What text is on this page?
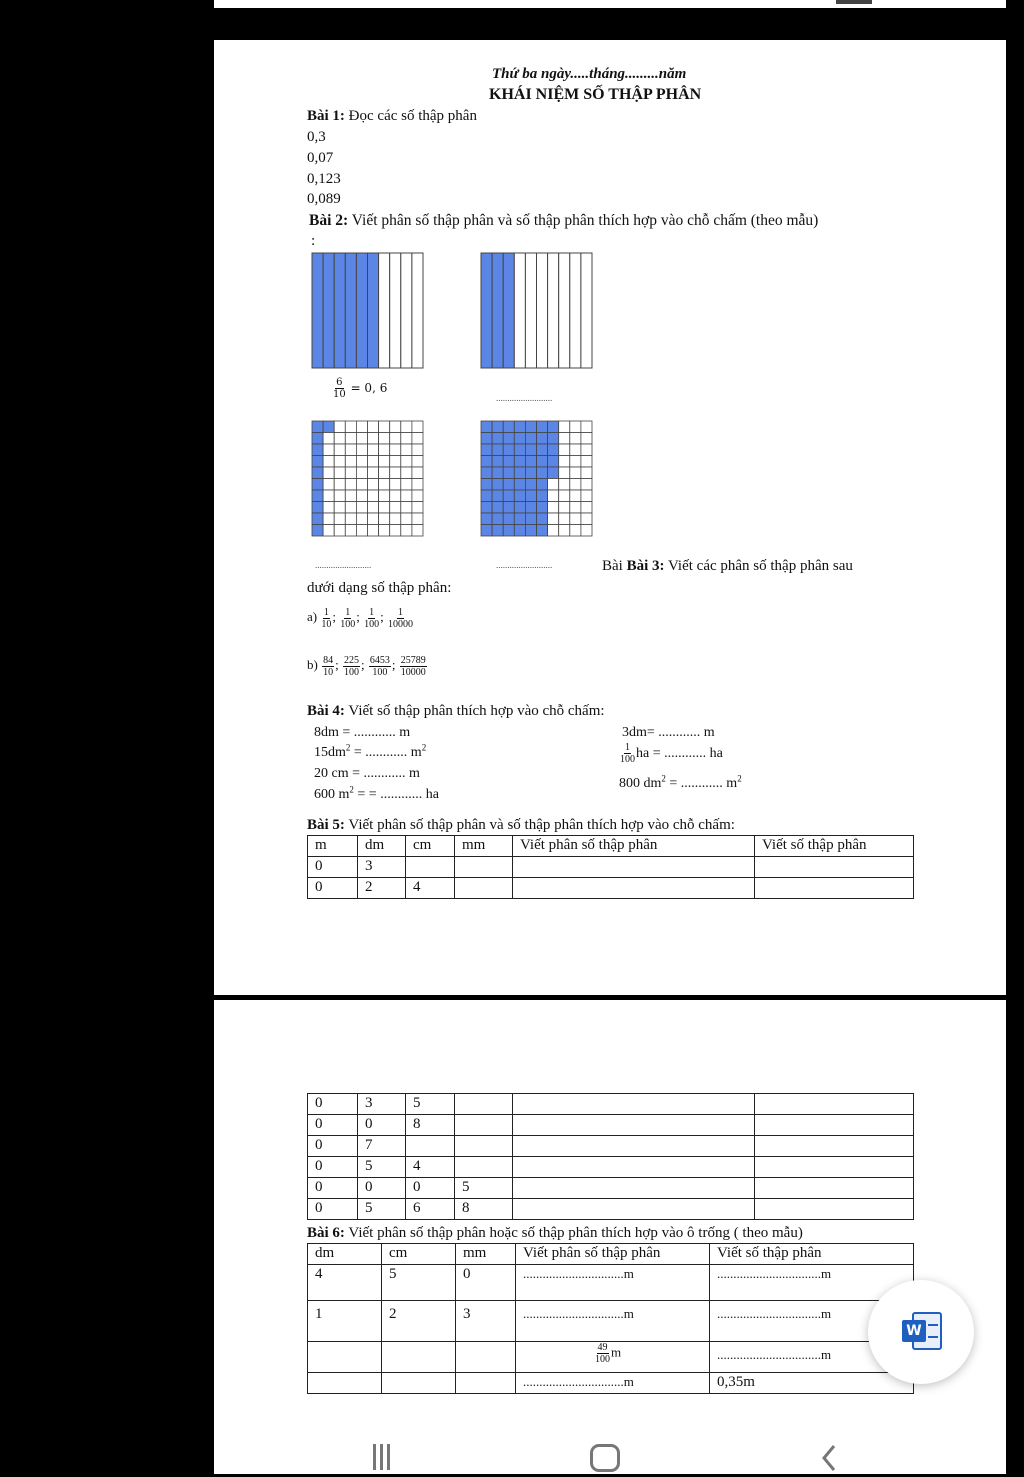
Thứ ba ngày.....tháng.........năm
KHÁI NIỆM SỐ THẬP PHÂN
Bài 1: Đọc các số thập phân
0,3
0,07
0,123
0,089
Bài 2: Viết phân số thập phân và số thập phân thích hợp vào chỗ chấm (theo mẫu)
:
$\frac{6}{10} = 0$, 6
.........................
.........................	.........................	Bài Bài 3: Viết các phân số thập phân sau
dưới dạng số thập phân:
$a) \frac{1}{10}$ ; $\frac{1}{100}$ ; $\frac{1}{100}$ ; $\frac{1}{10000}$
$b) \frac{84}{10}$ ; $\frac{225}{100}$ ; $\frac{6453}{100}$ ; $\frac{25789}{10000}$
Bài 4: Viết số thập phân thích hợp vào chỗ chấm:
8dm = ............ m
$15dm^2$ = ............ $m^2$
20 cm = ............ m
600 $m^2$ = = ............ ha
3dm= ............ m
$\frac{1}{100}$ ha = ............ ha
800 $dm^2$ = ............ $m^2$
Bài 5: Viết phân số thập phân và số thập phân thích hợp vào chỗ chấm:
m	dm	cm	mm	Viết phân số thập phân	Viết số thập phân
0	3				
0	2	4			
0	3	5			
0	0	8			
0	7				
0	5	4			
0	0	0	5		
0	5	6	8		
Bài 6: Viết phân số thập phân hoặc số thập phân thích hợp vào ô trống ( theo mẫu)
dm	cm	mm	Viết phân số thập phân	Viết số thập phân
4	5	0	...............................m	................................m
1	2	3	...............................m	................................m

			$\frac{49}{100}$ m	................................m
			...............................m	0,35m
W
